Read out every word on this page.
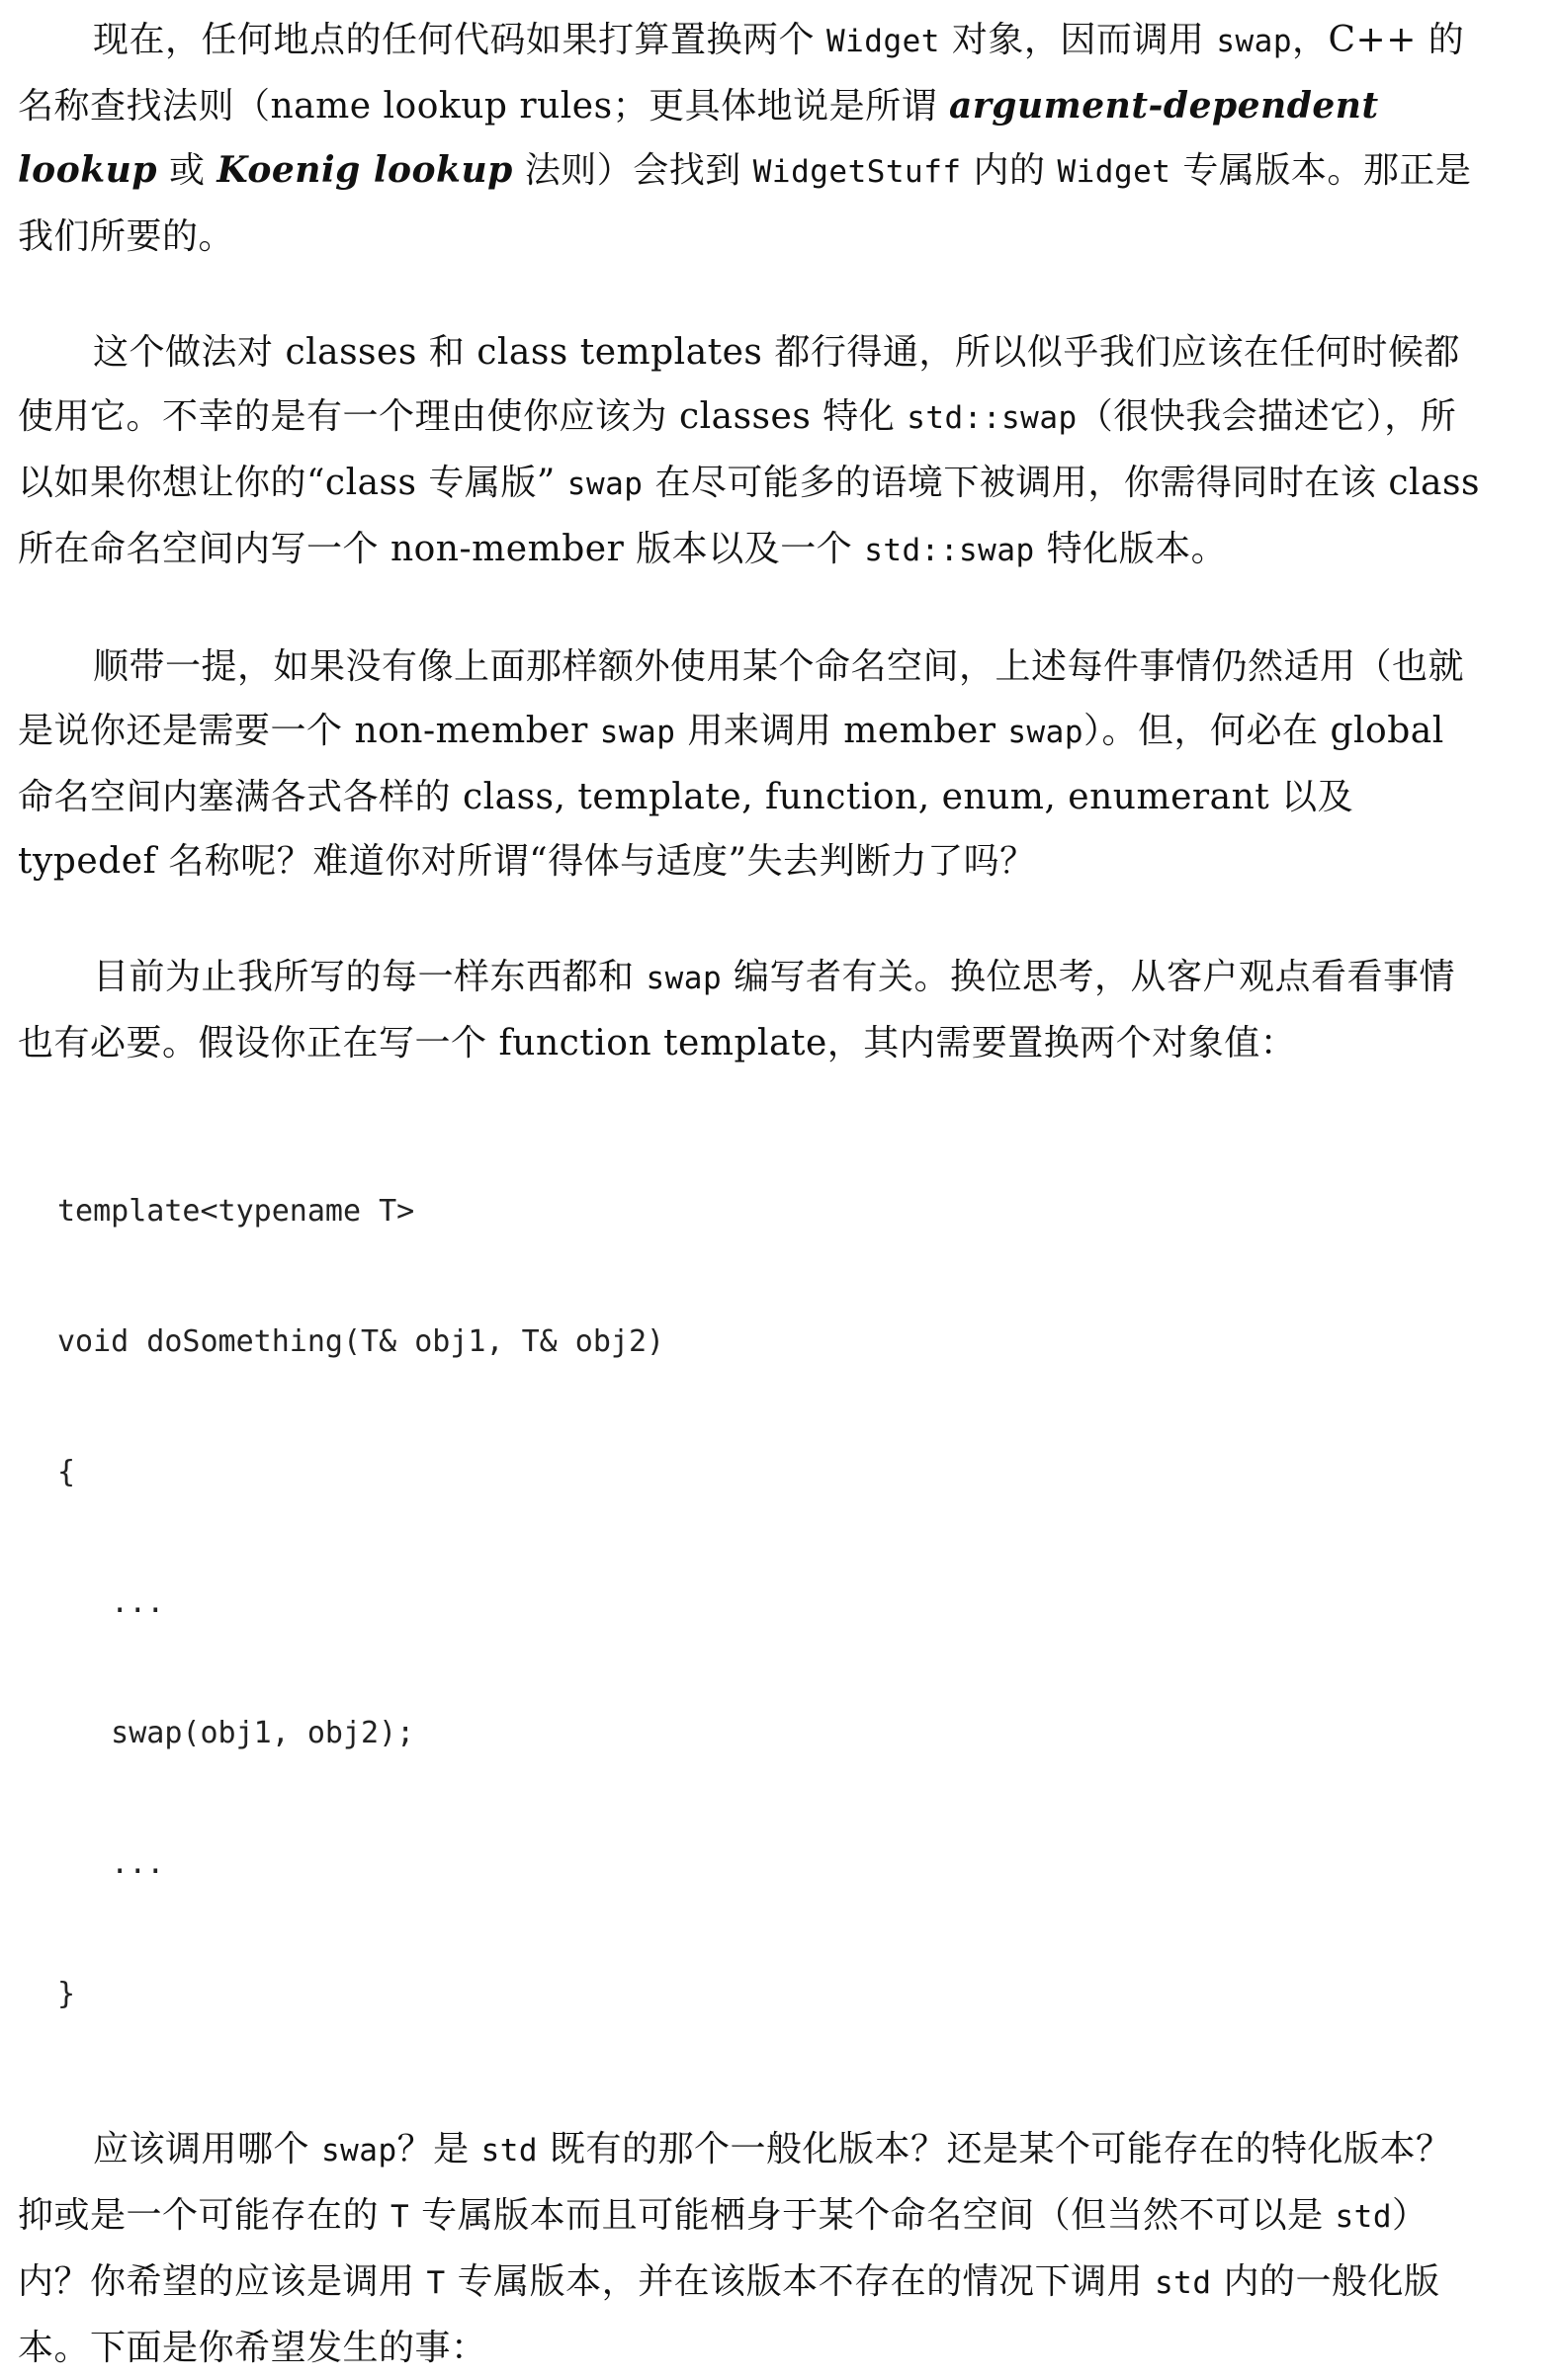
现在，任何地点的任何代码如果打算置换两个 Widget 对象，因而调用 swap，C++ 的名称查找法则（name lookup rules；更具体地说是所谓 argument-dependent lookup 或 Koenig lookup 法则）会找到 WidgetStuff 内的 Widget 专属版本。那正是我们所要的。

这个做法对 classes 和 class templates 都行得通，所以似乎我们应该在任何时候都使用它。不幸的是有一个理由使你应该为 classes 特化 std::swap（很快我会描述它），所以如果你想让你的“class 专属版” swap 在尽可能多的语境下被调用，你需得同时在该 class 所在命名空间内写一个 non-member 版本以及一个 std::swap 特化版本。

顺带一提，如果没有像上面那样额外使用某个命名空间，上述每件事情仍然适用（也就是说你还是需要一个 non-member swap 用来调用 member swap）。但，何必在 global 命名空间内塞满各式各样的 class, template, function, enum, enumerant 以及 typedef 名称呢？难道你对所谓“得体与适度”失去判断力了吗？

目前为止我所写的每一样东西都和 swap 编写者有关。换位思考，从客户观点看看事情也有必要。假设你正在写一个 function template，其内需要置换两个对象值：

template<typename T>

void doSomething(T& obj1, T& obj2)

{

...

swap(obj1, obj2);

...

}

应该调用哪个 swap？是 std 既有的那个一般化版本？还是某个可能存在的特化版本？抑或是一个可能存在的 T 专属版本而且可能栖身于某个命名空间（但当然不可以是 std）内？你希望的应该是调用 T 专属版本，并在该版本不存在的情况下调用 std 内的一般化版本。下面是你希望发生的事：
